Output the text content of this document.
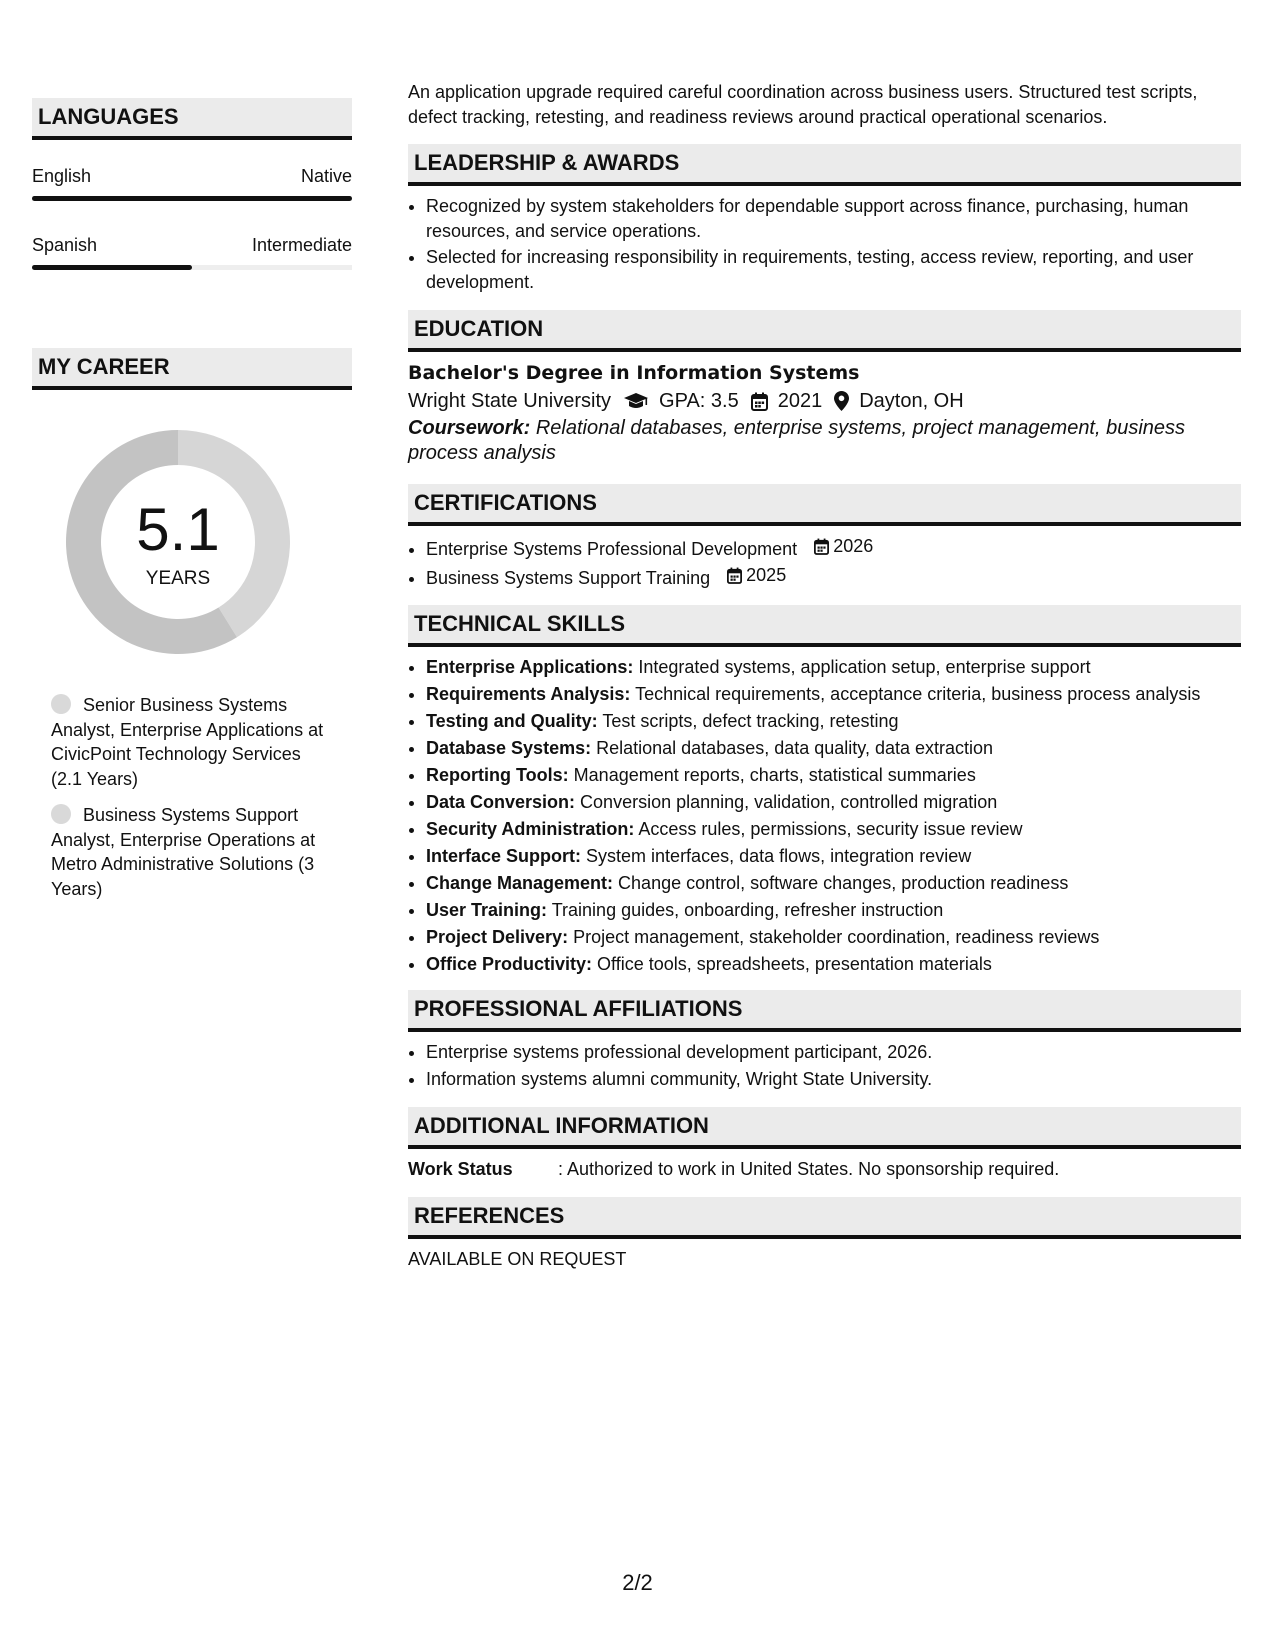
LANGUAGES
English	Native
Spanish	Intermediate
MY CAREER
5.1
YEARS
Senior Business Systems Analyst, Enterprise Applications at CivicPoint Technology Services (2.1 Years)
Business Systems Support Analyst, Enterprise Operations at Metro Administrative Solutions (3 Years)

An application upgrade required careful coordination across business users. Structured test scripts, defect tracking, retesting, and readiness reviews around practical operational scenarios.

LEADERSHIP & AWARDS
• Recognized by system stakeholders for dependable support across finance, purchasing, human resources, and service operations.
• Selected for increasing responsibility in requirements, testing, access review, reporting, and user development.
EDUCATION
Bachelor's Degree in Information Systems
Wright State University GPA: 3.5 2021 Dayton, OH
Coursework: Relational databases, enterprise systems, project management, business process analysis
CERTIFICATIONS
• Enterprise Systems Professional Development 2026
• Business Systems Support Training 2025
TECHNICAL SKILLS
• Enterprise Applications: Integrated systems, application setup, enterprise support
• Requirements Analysis: Technical requirements, acceptance criteria, business process analysis
• Testing and Quality: Test scripts, defect tracking, retesting
• Database Systems: Relational databases, data quality, data extraction
• Reporting Tools: Management reports, charts, statistical summaries
• Data Conversion: Conversion planning, validation, controlled migration
• Security Administration: Access rules, permissions, security issue review
• Interface Support: System interfaces, data flows, integration review
• Change Management: Change control, software changes, production readiness
• User Training: Training guides, onboarding, refresher instruction
• Project Delivery: Project management, stakeholder coordination, readiness reviews
• Office Productivity: Office tools, spreadsheets, presentation materials
PROFESSIONAL AFFILIATIONS
• Enterprise systems professional development participant, 2026.
• Information systems alumni community, Wright State University.
ADDITIONAL INFORMATION
Work Status	: Authorized to work in United States. No sponsorship required.
REFERENCES
AVAILABLE ON REQUEST
2/2
